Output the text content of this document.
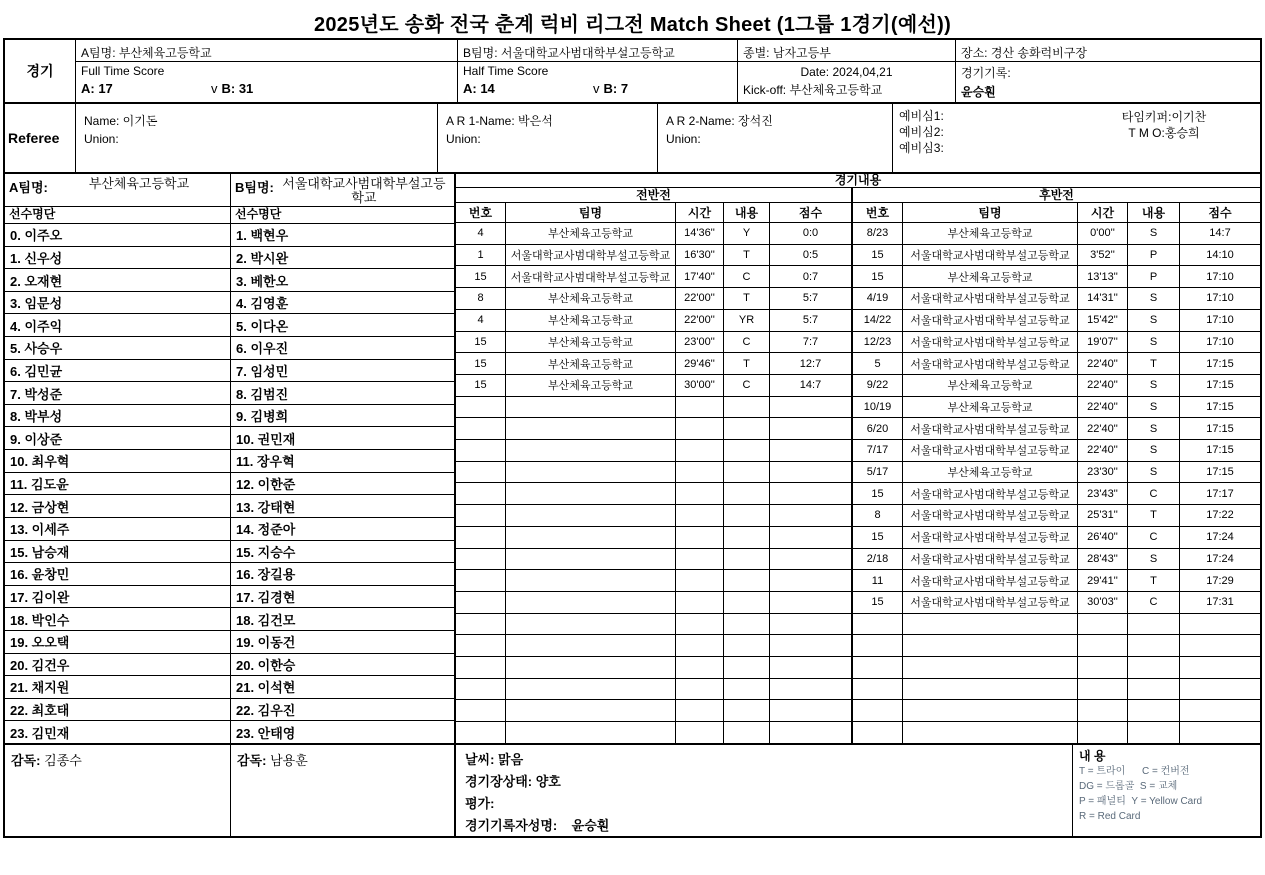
2025년도 송화 전국 춘계 럭비 리그전 Match Sheet (1그룹 1경기(예선))
경기
A팀명: 부산체육고등학교
Full Time Score
A: 17	v B: 31
B팀명: 서울대학교사범대학부설고등학교
Half Time Score
A: 14	v B: 7
종별: 남자고등부
Date: 2024,04,21
Kick-off: 부산체육고등학교
장소: 경산 송화럭비구장
경기기록:
윤승훤
Referee
Name: 이기돈
Union:
A R 1-Name: 박은석
Union:
A R 2-Name: 장석진
Union:
예비심1:
예비심2:
예비심3:
타임키퍼:이기찬
T M O:홍승희
A팀명:	부산체육고등학교
선수명단
0. 이주오
1. 신우성
2. 오재현
3. 임문성
4. 이주익
5. 사승우
6. 김민균
7. 박성준
8. 박부성
9. 이상준
10. 최우혁
11. 김도윤
12. 금상현
13. 이세주
15. 남승재
16. 윤창민
17. 김이완
18. 박인수
19. 오오택
20. 김건우
21. 채지원
22. 최호태
23. 김민재
B팀명: 서울대학교사범대학부설고등학교
선수명단
1. 백현우
2. 박시완
3. 베한오
4. 김영훈
5. 이다온
6. 이우진
7. 임성민
8. 김범진
9. 김병희
10. 권민재
11. 장우혁
12. 이한준
13. 강태현
14. 정준아
15. 지승수
16. 장길용
17. 김경현
18. 김건모
19. 이동건
20. 이한승
21. 이석현
22. 김우진
23. 안태영
경기내용
전반전	후반전
번호	팀명	시간	내용	점수
4	부산체육고등학교	14'36''	Y	0:0
1 서울대학교사범대학부설고등학교 16'30''	T	0:5
15 서울대학교사범대학부설고등학교 17'40''	C	0:7
8	부산체육고등학교	22'00''	T	5:7
4	부산체육고등학교	22'00'' YR	5:7
15	부산체육고등학교	23'00''	C	7:7
15	부산체육고등학교	29'46''	T	12:7
15	부산체육고등학교	30'00''	C	14:7
번호	팀명	시간	내용	점수
8/23	부산체육고등학교	0'00''	S	14:7
15 서울대학교사범대학부설고등학교 3'52''	P	14:10
15	부산체육고등학교	13'13''	P	17:10
4/19 서울대학교사범대학부설고등학교 14'31''	S	17:10
14/22 서울대학교사범대학부설고등학교 15'42''	S	17:10
12/23 서울대학교사범대학부설고등학교 19'07''	S	17:10
5	서울대학교사범대학부설고등학교 22'40''	T	17:15
9/22	부산체육고등학교	22'40''	S	17:15
10/19	부산체육고등학교	22'40''	S	17:15
6/20 서울대학교사범대학부설고등학교 22'40''	S	17:15
7/17 서울대학교사범대학부설고등학교 22'40''	S	17:15
5/17	부산체육고등학교	23'30''	S	17:15
15 서울대학교사범대학부설고등학교 23'43''	C	17:17
8	서울대학교사범대학부설고등학교 25'31''	T	17:22
15 서울대학교사범대학부설고등학교 26'40''	C	17:24
2/18 서울대학교사범대학부설고등학교 28'43''	S	17:24
11 서울대학교사범대학부설고등학교 29'41''	T	17:29
15 서울대학교사범대학부설고등학교 30'03''	C	17:31
감독: 김종수	감독: 남용훈	날씨: 맑음
경기장상태: 양호
평가:
경기기록자성명:    윤승훤
내 용
T = 트라이      C = 컨버전
DG = 드롭골  S = 교체
P = 패널티  Y = Yellow Card
R = Red Card
